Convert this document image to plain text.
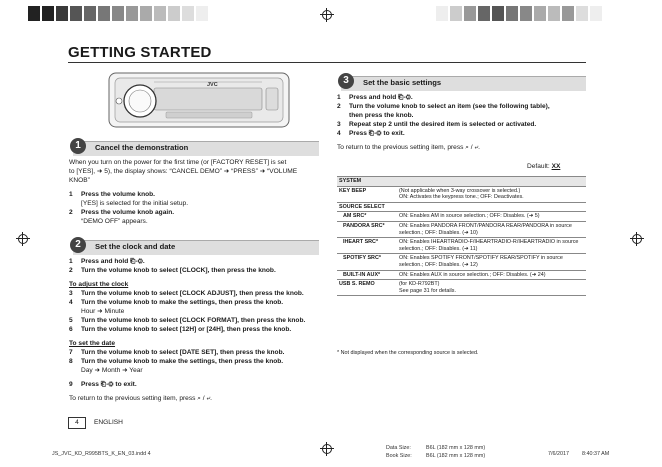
GETTING STARTED
JVC
1	Cancel the demonstration
When you turn on the power for the first time (or [FACTORY RESET] is set
to [YES], ➜ 5), the display shows: “CANCEL DEMO” ➜ “PRESS” ➜ “VOLUME
KNOB”
1 Press the volume knob.
[YES] is selected for the initial setup.
2 Press the volume knob again.
“DEMO OFF” appears.
2	Set the clock and date
1 Press and hold ⎗-⚙.
2 Turn the volume knob to select [CLOCK], then press the knob.
To adjust the clock
3 Turn the volume knob to select [CLOCK ADJUST], then press the knob.
4 Turn the volume knob to make the settings, then press the knob.
Hour ➜ Minute
5 Turn the volume knob to select [CLOCK FORMAT], then press the knob.
6 Turn the volume knob to select [12H] or [24H], then press the knob.
To set the date
7 Turn the volume knob to select [DATE SET], then press the knob.
8 Turn the volume knob to make the settings, then press the knob.
Day ➜ Month ➜ Year
9 Press ⎗-⚙ to exit.
To return to the previous setting item, press ⌕ / ⤶.
3	Set the basic settings
1 Press and hold ⎗-⚙.
2 Turn the volume knob to select an item (see the following table),
then press the knob.
3 Repeat step 2 until the desired item is selected or activated.
4 Press ⎗-⚙ to exit.
To return to the previous setting item, press ⌕ / ⤶.
Default: XX
SYSTEM	
KEY BEEP	(Not applicable when 3-way crossover is selected.)
ON: Activates the keypress tone.; OFF: Deactivates.

SOURCE SELECT	
AM SRC*	ON: Enables AM in source selection.; OFF: Disables. (➜ 5)
PANDORA SRC*	ON: Enables PANDORA FRONT/PANDORA REAR/PANDORA in source
selection.; OFF: Disables. (➜ 10)

IHEART SRC*	ON: Enables IHEARTRADIO-F/IHEARTRADIO-R/IHEARTRADIO in source
selection.; OFF: Disables. (➜ 11)

SPOTIFY SRC*	ON: Enables SPOTIFY FRONT/SPOTIFY REAR/SPOTIFY in source
selection.; OFF: Disables. (➜ 12)

BUILT-IN AUX*	ON: Enables AUX in source selection.; OFF: Disables. (➜ 24)
USB S. REMO	(for KD-R792BT)
See page 31 for details.
* Not displayed when the corresponding source is selected.
4	ENGLISH
JS_JVC_KD_R995BTS_K_EN_03.indd 4
Data Size:	B6L (182 mm x 128 mm)
Book Size:	B6L (182 mm x 128 mm)	7/6/2017 8:40:37 AM
